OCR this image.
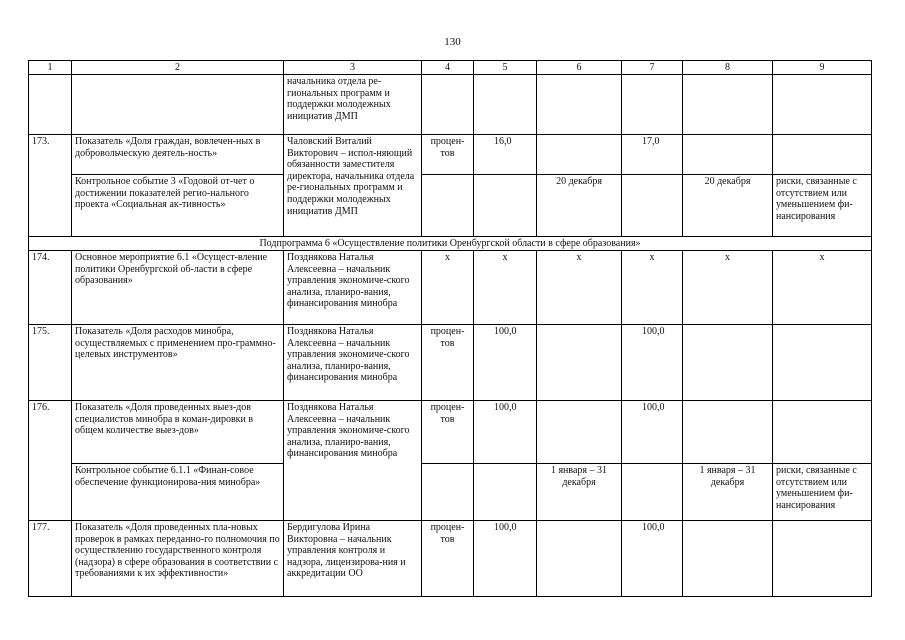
130
1	2	3	4	5	6	7	8	9
		начальника отдела ре-гиональных программ и поддержки молодежных инициатив ДМП						
173.	Показатель «Доля граждан, вовлечен-ных в добровольческую деятель-ность»	Чаловский Виталий Викторович – испол-няющий обязанности заместителя директора, начальника отдела ре-гиональных программ и поддержки молодежных инициатив ДМП	процен-тов	16,0		17,0		
	Контрольное событие 3 «Годовой от-чет о достижении показателей регио-нального проекта «Социальная ак-тивность»				20 декабря		20 декабря	риски, связанные с отсутствием или уменьшением фи-нансирования
Подпрограмма 6 «Осуществление политики Оренбургской области в сфере образования»								
174.	Основное мероприятие 6.1 «Осущест-вление политики Оренбургской об-ласти в сфере образования»	Позднякова Наталья Алексеевна – начальник управления экономиче-ского анализа, планиро-вания, финансирования минобра	х	х	х	х	х	х
175.	Показатель «Доля расходов минобра, осуществляемых с применением про-граммно-целевых инструментов»	Позднякова Наталья Алексеевна – начальник управления экономиче-ского анализа, планиро-вания, финансирования минобра	процен-тов	100,0		100,0		
176.	Показатель «Доля проведенных выез-дов специалистов минобра в коман-дировки в общем количестве выез-дов»	Позднякова Наталья Алексеевна – начальник управления экономиче-ского анализа, планиро-вания, финансирования минобра	процен-тов	100,0		100,0		
	Контрольное событие 6.1.1 «Финан-совое обеспечение функционирова-ния минобра»				1 января – 31 декабря		1 января – 31 декабря	риски, связанные с отсутствием или уменьшением фи-нансирования
177.	Показатель «Доля проведенных пла-новых проверок в рамках переданно-го полномочия по осуществлению государственного контроля (надзора) в сфере образования в соответствии с требованиями к их эффективности»	Бердигулова Ирина Викторовна – начальник управления контроля и надзора, лицензирова-ния и аккредитации ОО	процен-тов	100,0		100,0		
